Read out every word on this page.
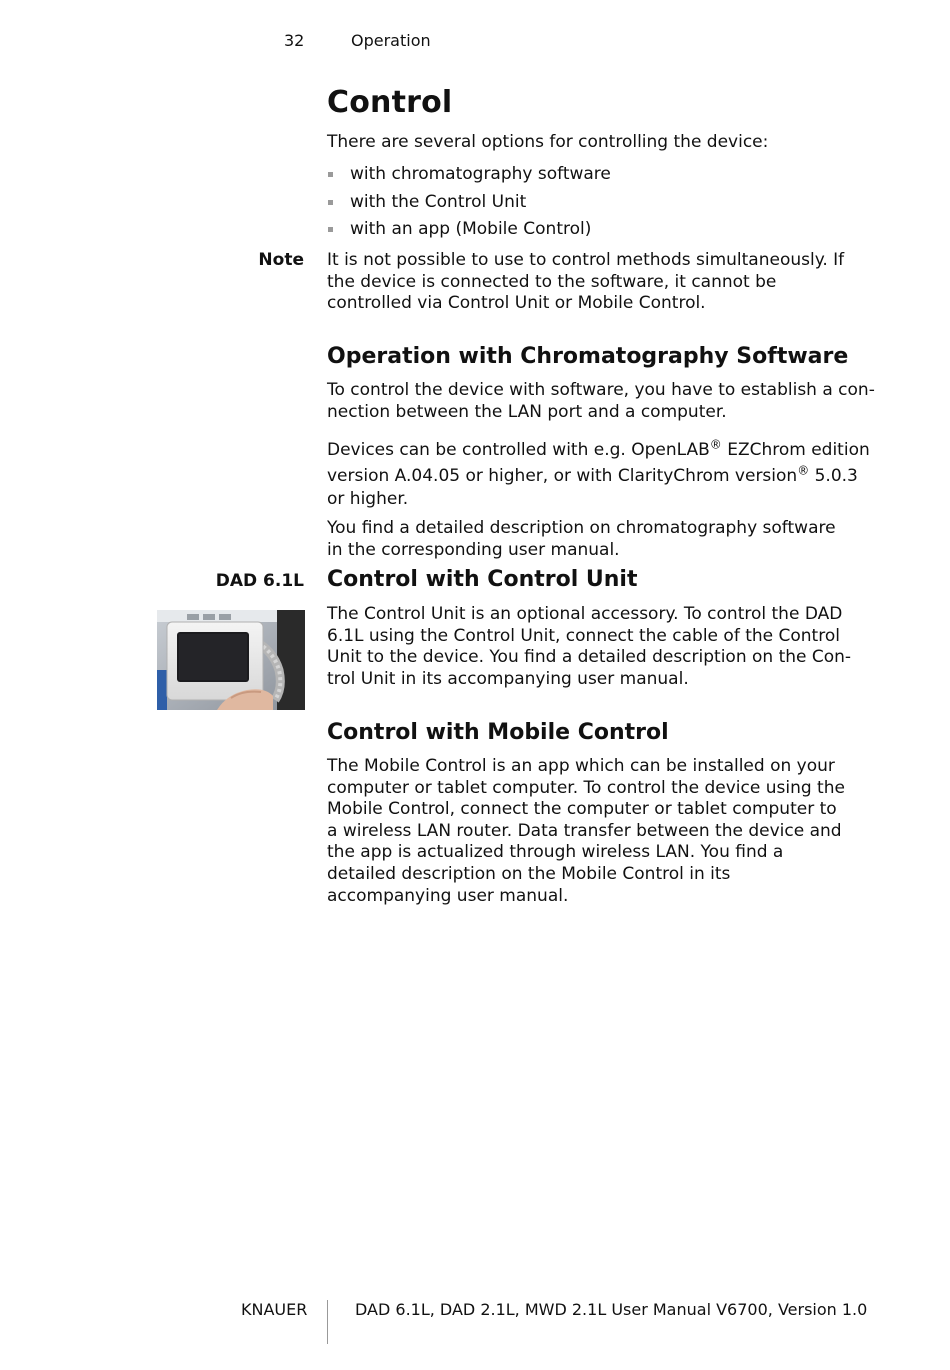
32	Operation
Control
There are several options for controlling the device:
with chromatography software
with the Control Unit
with an app (Mobile Control)
Note It is not possible to use to control methods simultaneously. If the device is connected to the software, it cannot be controlled via Control Unit or Mobile Control.
Operation with Chromatography Software
To control the device with software, you have to establish a con-
nection between the LAN port and a computer.
Devices can be controlled with e.g. OpenLAB® EZChrom edition
version A.04.05 or higher, or with ClarityChrom version® 5.0.3
or higher.
You find a detailed description on chromatography software in the corresponding user manual.
DAD 6.1L Control with Control Unit
The Control Unit is an optional accessory. To control the DAD
6.1L using the Control Unit, connect the cable of the Control
Unit to the device. You find a detailed description on the Con-
trol Unit in its accompanying user manual.
Control with Mobile Control
The Mobile Control is an app which can be installed on your computer or tablet computer. To control the device using the Mobile Control, connect the computer or tablet computer to a wireless LAN router. Data transfer between the device and the app is actualized through wireless LAN. You find a detailed description on the Mobile Control in its accompanying user manual.
KNAUER	DAD 6.1L, DAD 2.1L, MWD 2.1L User Manual V6700, Version 1.0
